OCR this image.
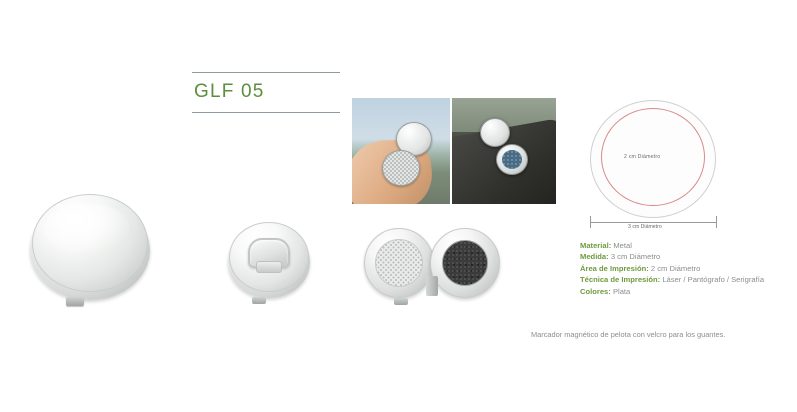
GLF 05
2 cm Diámetro
3 cm Diámetro
Material: Metal
Medida: 3 cm Diámetro
Área de Impresión: 2 cm Diámetro
Técnica de Impresión: Láser / Pantógrafo / Serigrafía
Colores: Plata
Marcador magnético de pelota con velcro para los guantes.
